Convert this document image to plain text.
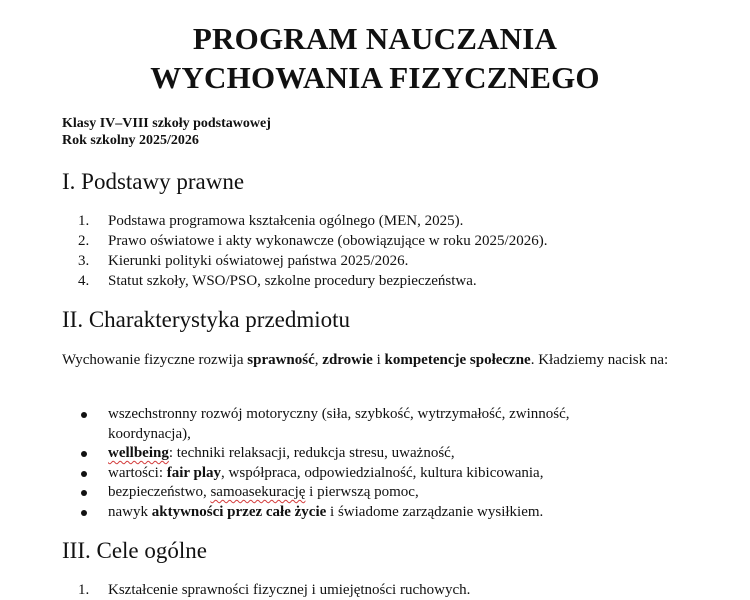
PROGRAM NAUCZANIA
WYCHOWANIA FIZYCZNEGO
Klasy IV–VIII szkoły podstawowej
Rok szkolny 2025/2026
I. Podstawy prawne
1. Podstawa programowa kształcenia ogólnego (MEN, 2025).
2. Prawo oświatowe i akty wykonawcze (obowiązujące w roku 2025/2026).
3. Kierunki polityki oświatowej państwa 2025/2026.
4. Statut szkoły, WSO/PSO, szkolne procedury bezpieczeństwa.
II. Charakterystyka przedmiotu
Wychowanie fizyczne rozwija sprawność, zdrowie i kompetencje społeczne. Kładziemy nacisk na:
wszechstronny rozwój motoryczny (siła, szybkość, wytrzymałość, zwinność, koordynacja),
wellbeing: techniki relaksacji, redukcja stresu, uważność,
wartości: fair play, współpraca, odpowiedzialność, kultura kibicowania,
bezpieczeństwo, samoasekurację i pierwszą pomoc,
nawyk aktywności przez całe życie i świadome zarządzanie wysiłkiem.
III. Cele ogólne
1. Kształcenie sprawności fizycznej i umiejętności ruchowych.
